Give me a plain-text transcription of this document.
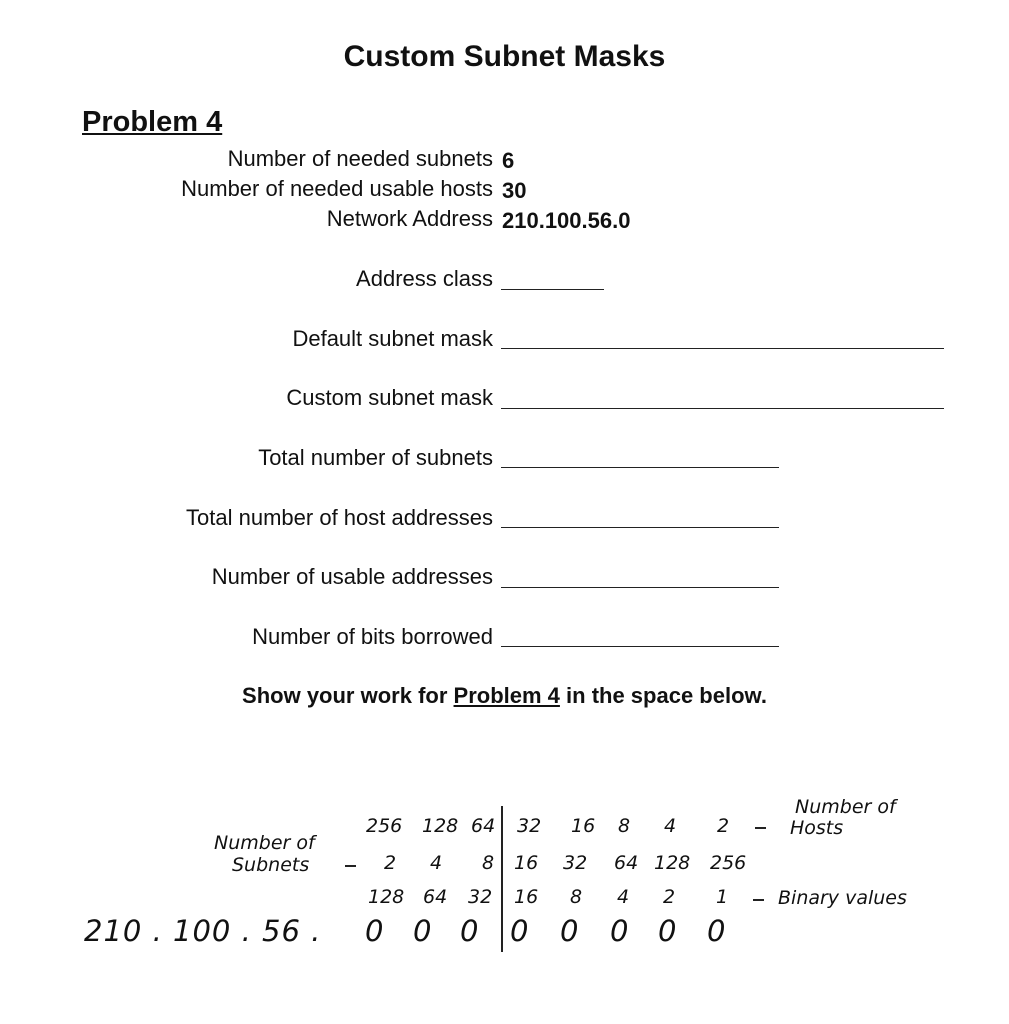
Custom Subnet Masks
Problem 4
Number of needed subnets 6
Number of needed usable hosts 30
Network Address 210.100.56.0
Address class
Default subnet mask
Custom subnet mask
Total number of subnets
Total number of host addresses
Number of usable addresses
Number of bits borrowed
Show your work for Problem 4 in the space below.
Number of
Hosts
Number of
Subnets
Binary values
256 128 64 32 16 8 4 2
2 4 8 16 32 64 128 256
128 64 32 16 8 4 2 1
210 . 100 . 56 . 0 0 0 0 0 0 0 0
